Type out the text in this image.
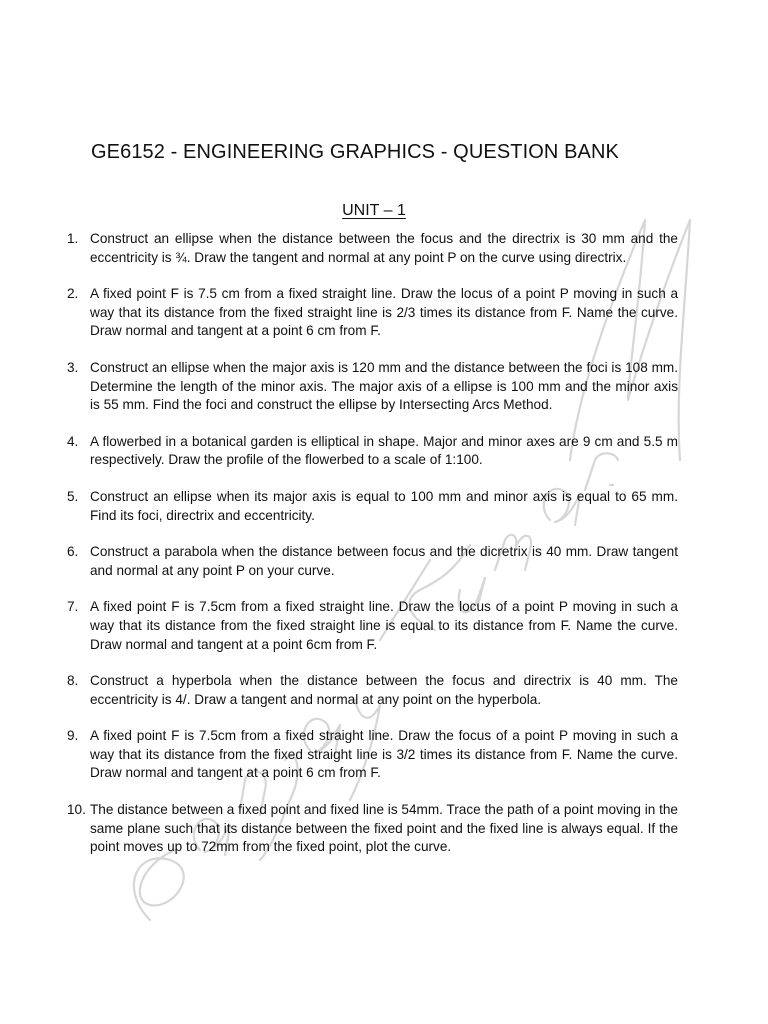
GE6152 - ENGINEERING GRAPHICS - QUESTION BANK
UNIT – 1
1. Construct an ellipse when the distance between the focus and the directrix is 30 mm and the eccentricity is ¾. Draw the tangent and normal at any point P on the curve using directrix.
2. A fixed point F is 7.5 cm from a fixed straight line. Draw the locus of a point P moving in such a way that its distance from the fixed straight line is 2/3 times its distance from F. Name the curve. Draw normal and tangent at a point 6 cm from F.
3. Construct an ellipse when the major axis is 120 mm and the distance between the foci is 108 mm. Determine the length of the minor axis. The major axis of a ellipse is 100 mm and the minor axis is 55 mm. Find the foci and construct the ellipse by Intersecting Arcs Method.
4. A flowerbed in a botanical garden is elliptical in shape. Major and minor axes are 9 cm and 5.5 m respectively. Draw the profile of the flowerbed to a scale of 1:100.
5. Construct an ellipse when its major axis is equal to 100 mm and minor axis is equal to 65 mm. Find its foci, directrix and eccentricity.
6. Construct a parabola when the distance between focus and the dicretrix is 40 mm. Draw tangent and normal at any point P on your curve.
7. A fixed point F is 7.5cm from a fixed straight line. Draw the locus of a point P moving in such a way that its distance from the fixed straight line is equal to its distance from F. Name the curve. Draw normal and tangent at a point 6cm from F.
8. Construct a hyperbola when the distance between the focus and directrix is 40 mm. The eccentricity is 4/. Draw a tangent and normal at any point on the hyperbola.
9. A fixed point F is 7.5cm from a fixed straight line. Draw the focus of a point P moving in such a way that its distance from the fixed straight line is 3/2 times its distance from F. Name the curve. Draw normal and tangent at a point 6 cm from F.
10. The distance between a fixed point and fixed line is 54mm. Trace the path of a point moving in the same plane such that its distance between the fixed point and the fixed line is always equal. If the point moves up to 72mm from the fixed point, plot the curve.
